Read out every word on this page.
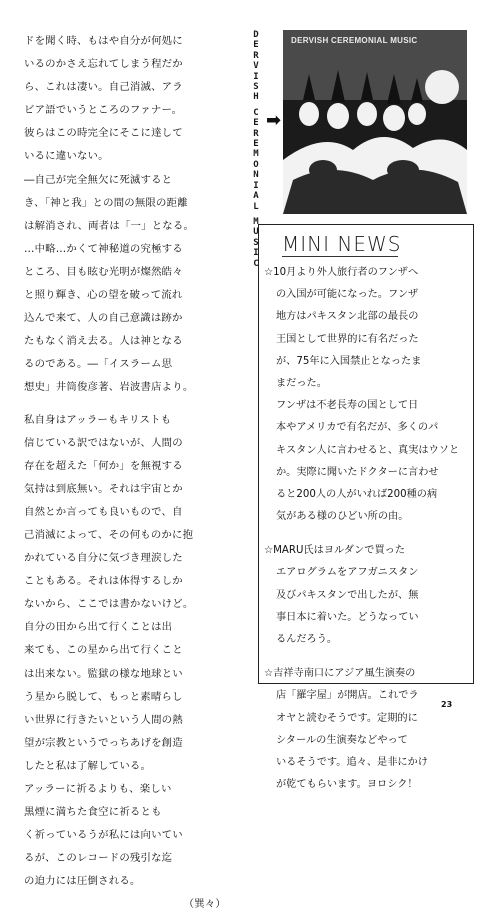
ドを聞く時、もはや自分が何処に
いるのかさえ忘れてしまう程だか
ら、これは凄い。自己消滅、アラ
ビア語でいうところのファナー。
彼らはこの時完全にそこに達して
いるに違いない。
―自己が完全無欠に死滅すると
き、「神と我」との間の無限の距離
は解消され、両者は「一」となる。
…中略…かくて神秘道の究極する
ところ、目も眩む光明が燦然皓々
と照り輝き、心の望を破って流れ
込んで来て、人の自己意識は跡か
たもなく消え去る。人は神となる
るのである。―「イスラーム思
想史」井筒俊彦著、岩波書店より。
私自身はアッラーもキリストも
信じている訳ではないが、人間の
存在を超えた「何か」を無視する
気持は到底無い。それは宇宙とか
自然とか言っても良いもので、自
己消滅によって、その何ものかに抱
かれている自分に気づき理涙した
こともある。それは体得するしか
ないから、ここでは書かないけど。
自分の田から出て行くことは出
来ても、この星から出て行くこと
は出来ない。監獄の様な地球とい
う星から脱して、もっと素晴らし
い世界に行きたいという人間の熱
望が宗教というでっちあげを創造
したと私は了解している。
アッラーに祈るよりも、楽しい
黒煙に満ちた食空に祈るとも
く祈っているうが私には向いてい
るが、このレコードの残引な迄
の迫力には圧倒される。
（巽々）
D
E
R
V
I
S
H

C
E
R
E
M
O
N
I
A
L

M
U
S
I
C
➡
DERVISH CEREMONIAL MUSIC
MINI NEWS
☆10月より外人旅行者のフンザへ
の入国が可能になった。フンザ
地方はパキスタン北部の最長の
王国として世界的に有名だった
が、75年に入国禁止となったま
まだった。
フンザは不老長寿の国として日
本やアメリカで有名だが、多くのパ
キスタン人に言わせると、真実はウソと
か。実際に聞いたドクターに言わせ
ると200人の人がいれば200種の病
気がある様のひどい所の由。
☆MARU氏はヨルダンで買った
エアログラムをアフガニスタン
及びパキスタンで出したが、無
事日本に着いた。どうなってい
るんだろう。
☆吉祥寺南口にアジア風生演奏の
店「羅字屋」が開店。これでラ
オヤと読むそうです。定期的に
シタールの生演奏などやって
いるそうです。追々、是非にかけ
が乾てもらいます。ヨロシク！
23
